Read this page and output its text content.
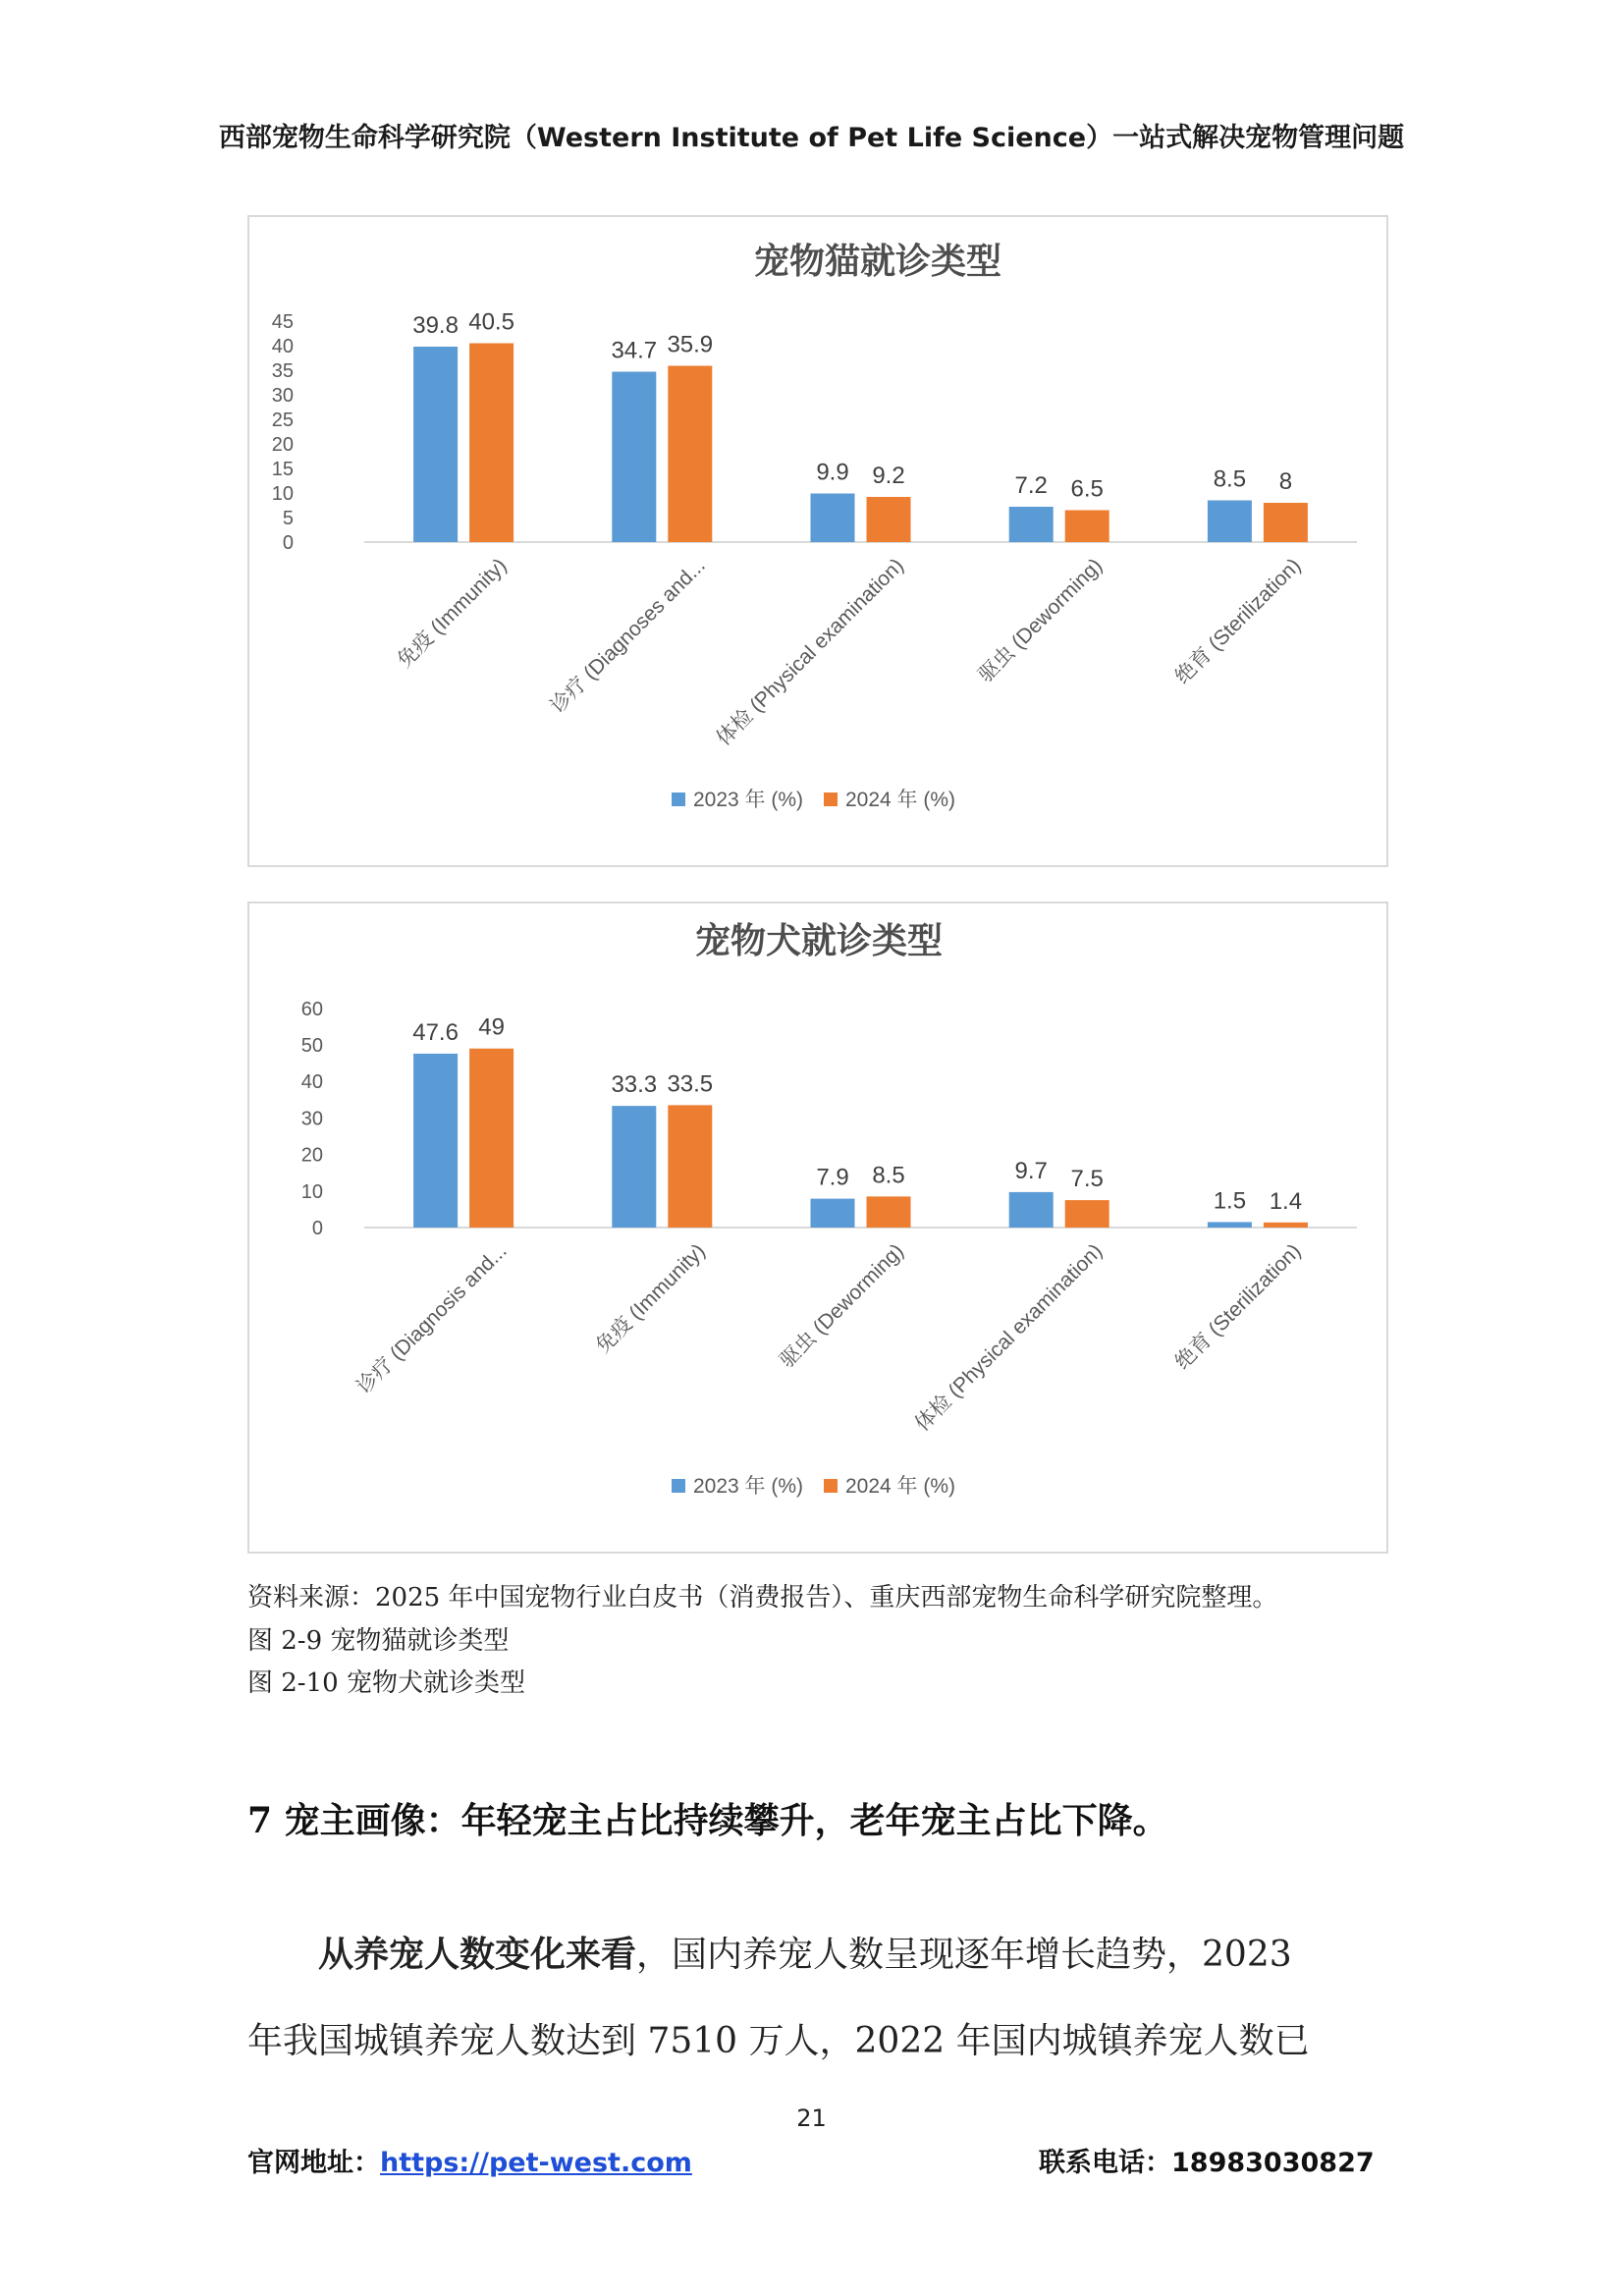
西部宠物生命科学研究院（Western Institute of Pet Life Science）一站式解决宠物管理问题
宠物猫就诊类型
0
5
10
15
20
25
30
35
40
45	39.8 40.5
免疫 (Immunity)
34.7 35.9
诊疗 (Diagnoses and...
9.9 9.2
体检 (Physical examination)
7.2 6.5
驱虫 (Deworming)
8.5 8
绝育 (Sterilization)
2023 年 (%) 2024 年 (%)
宠物犬就诊类型
0
10
20
30
40
50
60
47.6 49
诊疗 (Diagnosis and...
33.3 33.5
免疫 (Immunity)
7.9 8.5
驱虫 (Deworming)
9.7 7.5
体检 (Physical examination)
1.5 1.4
绝育 (Sterilization)
2023 年 (%) 2024 年 (%)
资料来源：2025 年中国宠物行业白皮书（消费报告）、重庆西部宠物生命科学研究院整理。
图 2-9 宠物猫就诊类型
图 2-10 宠物犬就诊类型
7 宠主画像：年轻宠主占比持续攀升，老年宠主占比下降。
从养宠人数变化来看，国内养宠人数呈现逐年增长趋势，2023
年我国城镇养宠人数达到 7510 万人，2022 年国内城镇养宠人数已
21
官网地址：https://pet-west.com	联系电话：18983030827
